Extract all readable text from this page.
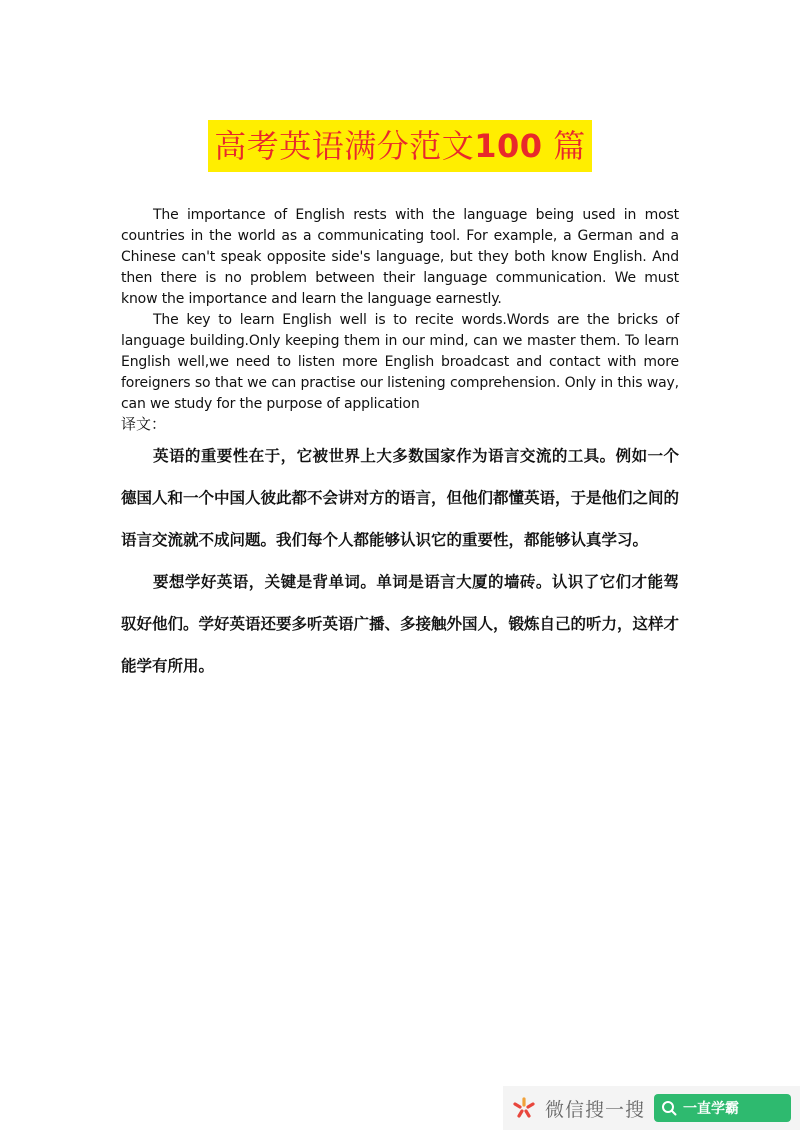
高考英语满分范文100 篇

The importance of English rests with the language being used in most countries in the world as a communicating tool. For example, a German and a Chinese can't speak opposite side's language, but they both know English. And then there is no problem between their language communication. We must know the importance and learn the language earnestly.

The key to learn English well is to recite words.Words are the bricks of language building.Only keeping them in our mind, can we master them. To learn English well,we need to listen more English broadcast and contact with more foreigners so that we can practise our listening comprehension. Only in this way, can we study for the purpose of application

译文：

英语的重要性在于，它被世界上大多数国家作为语言交流的工具。例如一个德国人和一个中国人彼此都不会讲对方的语言，但他们都懂英语，于是他们之间的语言交流就不成问题。我们每个人都能够认识它的重要性，都能够认真学习。

要想学好英语，关键是背单词。单词是语言大厦的墙砖。认识了它们才能驾驭好他们。学好英语还要多听英语广播、多接触外国人，锻炼自己的听力，这样才能学有所用。

微信搜一搜	一直学霸
